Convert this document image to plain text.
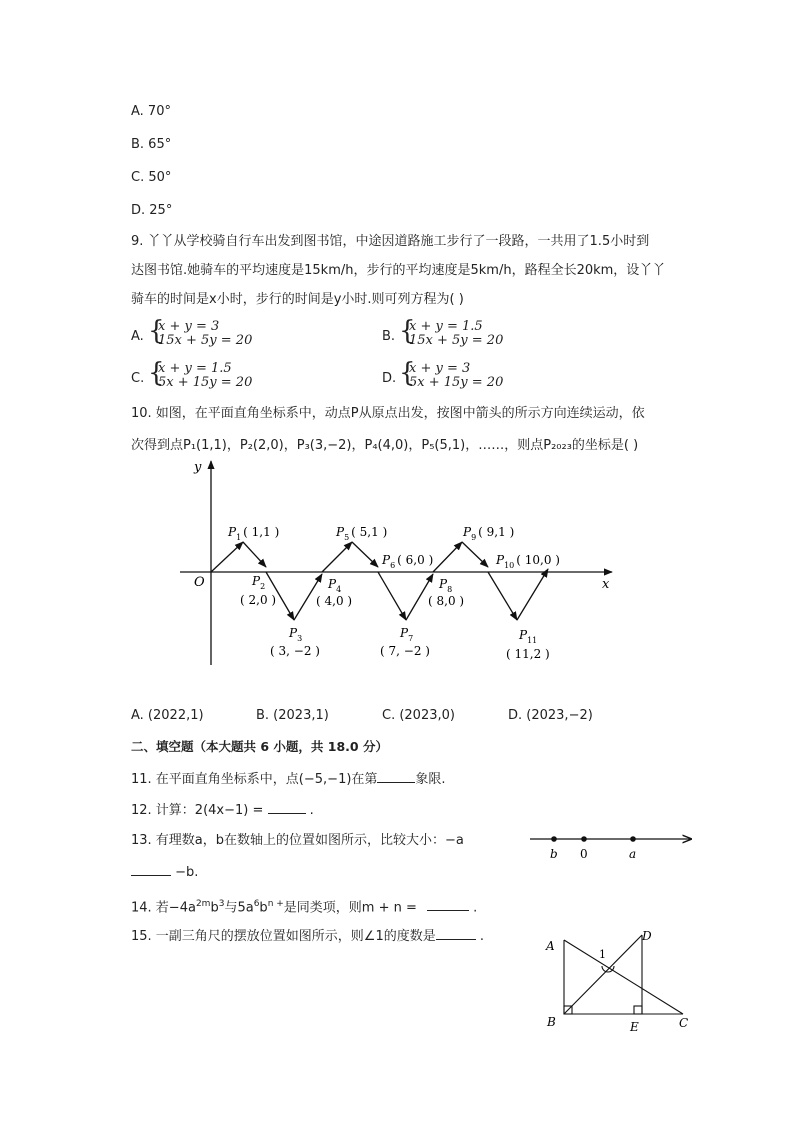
A. 70°
B. 65°
C. 50°
D. 25°
9. 丫丫从学校骑自行车出发到图书馆，中途因道路施工步行了一段路，一共用了1.5小时到
达图书馆.她骑车的平均速度是15km/h，步行的平均速度是5km/h，路程全长20km，设丫丫
骑车的时间是x小时，步行的时间是y小时.则可列方程为( )
A. {
x + y = 3
15x + 5y = 20	B. {
x + y = 1.5
15x + 5y = 20
C. {
x + y = 1.5
5x + 15y = 20	D. {
x + y = 3
5x + 15y = 20
10. 如图，在平面直角坐标系中，动点P从原点出发，按图中箭头的所示方向连续运动，依
次得到点P₁(1,1)，P₂(2,0)，P₃(3,−2)，P₄(4,0)，P₅(5,1)，……，则点P₂₀₂₃的坐标是( )
y
x
O
$P_1$ ( 1,1 )
$P_2$
( 2,0 )
$P_3$
( 3, −2 )
$P_4$
( 4,0 )
$P_5$ ( 5,1 )
$P_6$ ( 6,0 )
$P_7$
( 7, −2 )
$P_8$
( 8,0 )
$P_9$ ( 9,1 )
$P_{10}$ ( 10,0 )
$P_{11}$
( 11,2 )
A. (2022,1)	B. (2023,1)	C. (2023,0)	D. (2023,−2)
二、填空题（本大题共 6 小题，共 18.0 分）
11. 在平面直角坐标系中，点(−5,−1)在第	象限.
12. 计算：2(4x−1) =	.
13. 有理数a，b在数轴上的位置如图所示，比较大小：−a
−b.
b 0	a
14. 若$-4a^{2m}b^3$与$5a^6b^{n +}$是同类项，则m + n =	.
15. 一副三角尺的摆放位置如图所示，则∠1的度数是	.
A
D
B	E	C
1
